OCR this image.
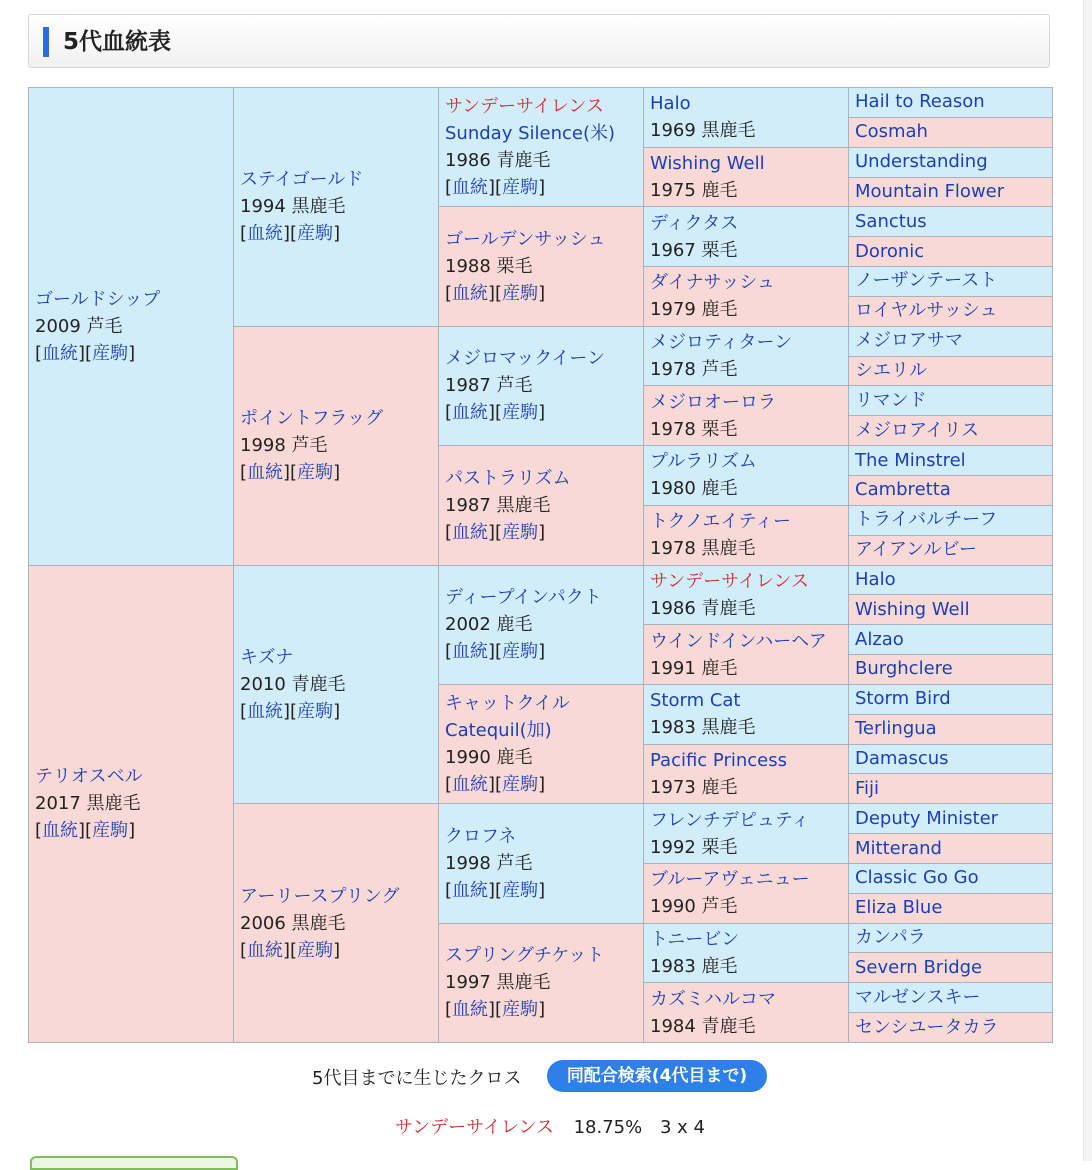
5代血統表
ゴールドシップ
2009 芦毛
[血統][産駒]	ステイゴールド
1994 黒鹿毛
[血統][産駒]	サンデーサイレンス
Sunday Silence(米)
1986 青鹿毛
[血統][産駒]	Halo
1969 黒鹿毛	Hail to Reason
				Cosmah

			Wishing Well
1975 鹿毛	Understanding
				Mountain Flower

		ゴールデンサッシュ
1988 栗毛
[血統][産駒]	ディクタス
1967 栗毛	Sanctus
				Doronic

			ダイナサッシュ
1979 鹿毛	ノーザンテースト
				ロイヤルサッシュ

	ポイントフラッグ
1998 芦毛
[血統][産駒]	メジロマックイーン
1987 芦毛
[血統][産駒]	メジロティターン
1978 芦毛	メジロアサマ
				シエリル

			メジロオーロラ
1978 栗毛	リマンド
				メジロアイリス

		パストラリズム
1987 黒鹿毛
[血統][産駒]	プルラリズム
1980 鹿毛	The Minstrel
				Cambretta

			トクノエイティー
1978 黒鹿毛	トライバルチーフ
				アイアンルビー

テリオスベル
2017 黒鹿毛
[血統][産駒]	キズナ
2010 青鹿毛
[血統][産駒]	ディープインパクト
2002 鹿毛
[血統][産駒]	サンデーサイレンス
1986 青鹿毛	Halo
				Wishing Well

			ウインドインハーヘア
1991 鹿毛	Alzao
				Burghclere

		キャットクイル
Catequil(加)
1990 鹿毛
[血統][産駒]	Storm Cat
1983 黒鹿毛	Storm Bird
				Terlingua

			Pacific Princess
1973 鹿毛	Damascus
				Fiji

	アーリースプリング
2006 黒鹿毛
[血統][産駒]	クロフネ
1998 芦毛
[血統][産駒]	フレンチデピュティ
1992 栗毛	Deputy Minister
				Mitterand

			ブルーアヴェニュー
1990 芦毛	Classic Go Go
				Eliza Blue

		スプリングチケット
1997 黒鹿毛
[血統][産駒]	トニービン
1983 鹿毛	カンパラ
				Severn Bridge

			カズミハルコマ
1984 青鹿毛	マルゼンスキー
				センシユータカラ
5代目までに生じたクロス	同配合検索(4代目まで)
サンデーサイレンス 18.75% 3 x 4
